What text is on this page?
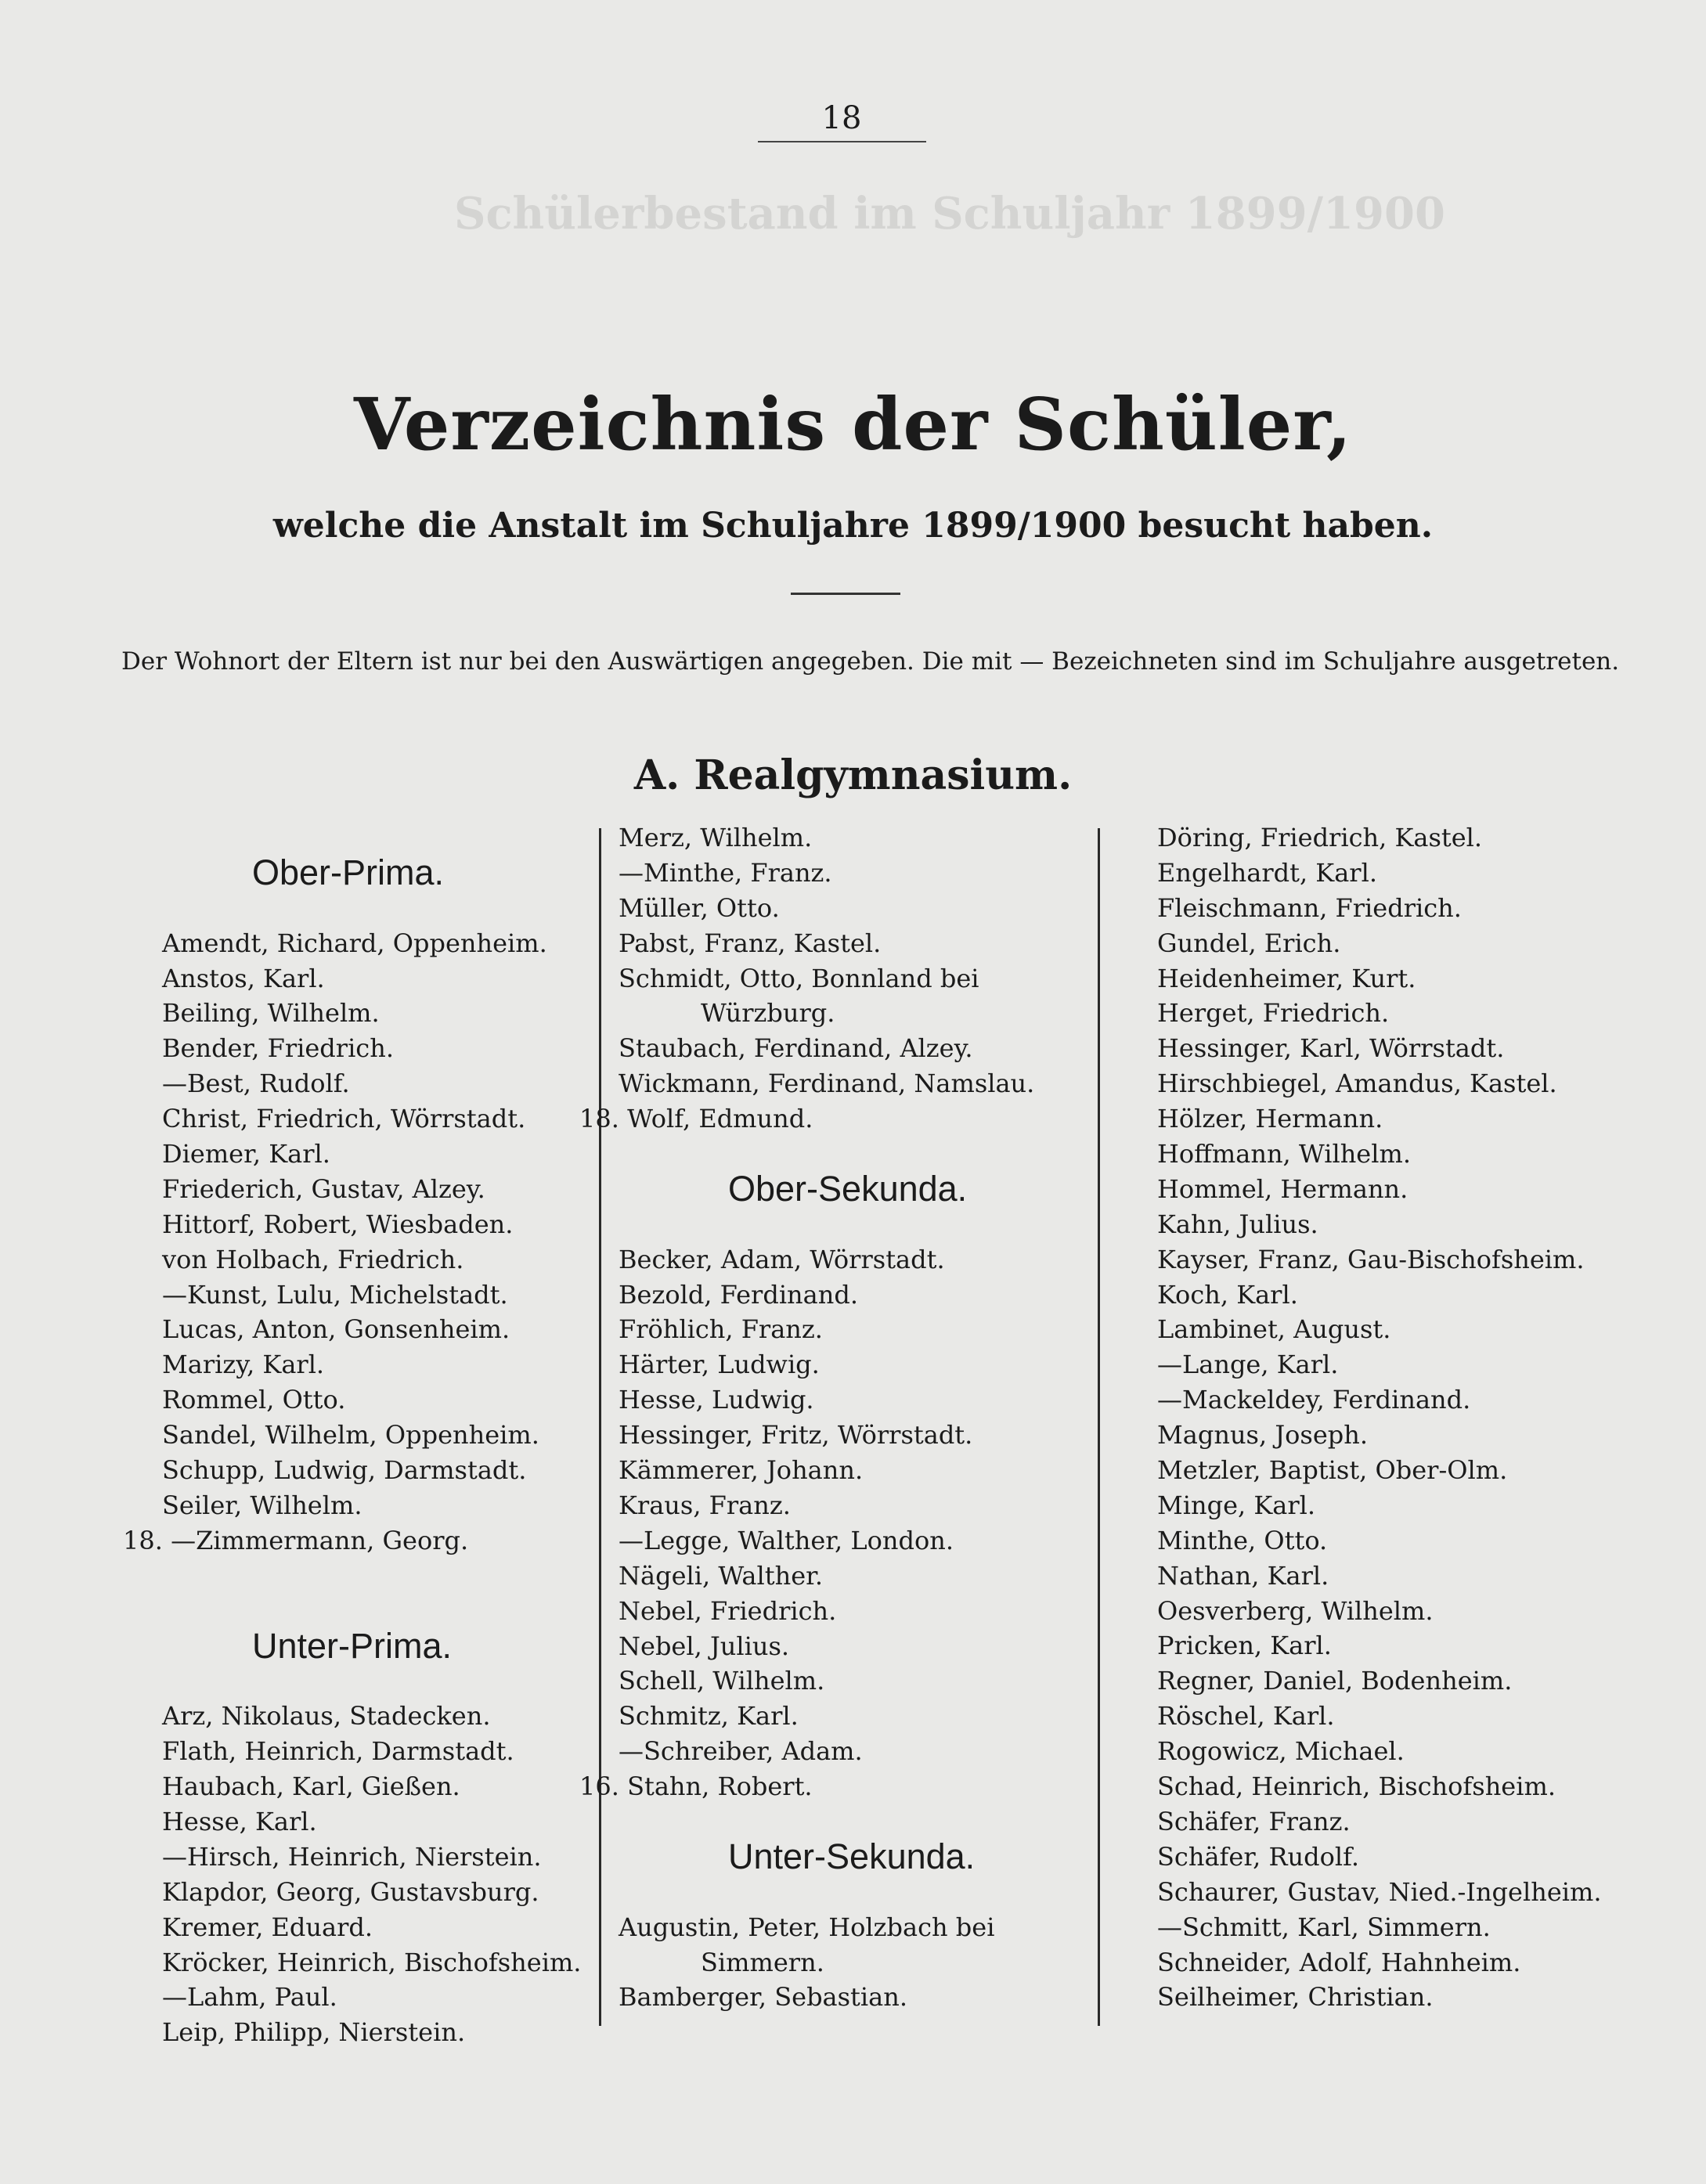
Schülerbestand im Schuljahr 1899/1900
18
Verzeichnis der Schüler,
welche die Anstalt im Schuljahre 1899/1900 besucht haben.
Der Wohnort der Eltern ist nur bei den Auswärtigen angegeben. Die mit — Bezeichneten sind im Schuljahre ausgetreten.
A. Realgymnasium.
Ober-Prima.
Amendt, Richard, Oppenheim.
Anstos, Karl.
Beiling, Wilhelm.
Bender, Friedrich.
—Best, Rudolf.
Christ, Friedrich, Wörrstadt.
Diemer, Karl.
Friederich, Gustav, Alzey.
Hittorf, Robert, Wiesbaden.
von Holbach, Friedrich.
—Kunst, Lulu, Michelstadt.
Lucas, Anton, Gonsenheim.
Marizy, Karl.
Rommel, Otto.
Sandel, Wilhelm, Oppenheim.
Schupp, Ludwig, Darmstadt.
Seiler, Wilhelm.
18. —Zimmermann, Georg.
Unter-Prima.
Arz, Nikolaus, Stadecken.
Flath, Heinrich, Darmstadt.
Haubach, Karl, Gießen.
Hesse, Karl.
—Hirsch, Heinrich, Nierstein.
Klapdor, Georg, Gustavsburg.
Kremer, Eduard.
Kröcker, Heinrich, Bischofsheim.
—Lahm, Paul.
Leip, Philipp, Nierstein.
Merz, Wilhelm.
—Minthe, Franz.
Müller, Otto.
Pabst, Franz, Kastel.
Schmidt, Otto, Bonnland bei
Würzburg.
Staubach, Ferdinand, Alzey.
Wickmann, Ferdinand, Namslau.
18. Wolf, Edmund.
Ober-Sekunda.
Becker, Adam, Wörrstadt.
Bezold, Ferdinand.
Fröhlich, Franz.
Härter, Ludwig.
Hesse, Ludwig.
Hessinger, Fritz, Wörrstadt.
Kämmerer, Johann.
Kraus, Franz.
—Legge, Walther, London.
Nägeli, Walther.
Nebel, Friedrich.
Nebel, Julius.
Schell, Wilhelm.
Schmitz, Karl.
—Schreiber, Adam.
16. Stahn, Robert.
Unter-Sekunda.
Augustin, Peter, Holzbach bei
Simmern.
Bamberger, Sebastian.
Döring, Friedrich, Kastel.
Engelhardt, Karl.
Fleischmann, Friedrich.
Gundel, Erich.
Heidenheimer, Kurt.
Herget, Friedrich.
Hessinger, Karl, Wörrstadt.
Hirschbiegel, Amandus, Kastel.
Hölzer, Hermann.
Hoffmann, Wilhelm.
Hommel, Hermann.
Kahn, Julius.
Kayser, Franz, Gau-Bischofsheim.
Koch, Karl.
Lambinet, August.
—Lange, Karl.
—Mackeldey, Ferdinand.
Magnus, Joseph.
Metzler, Baptist, Ober-Olm.
Minge, Karl.
Minthe, Otto.
Nathan, Karl.
Oesverberg, Wilhelm.
Pricken, Karl.
Regner, Daniel, Bodenheim.
Röschel, Karl.
Rogowicz, Michael.
Schad, Heinrich, Bischofsheim.
Schäfer, Franz.
Schäfer, Rudolf.
Schaurer, Gustav, Nied.-Ingelheim.
—Schmitt, Karl, Simmern.
Schneider, Adolf, Hahnheim.
Seilheimer, Christian.
